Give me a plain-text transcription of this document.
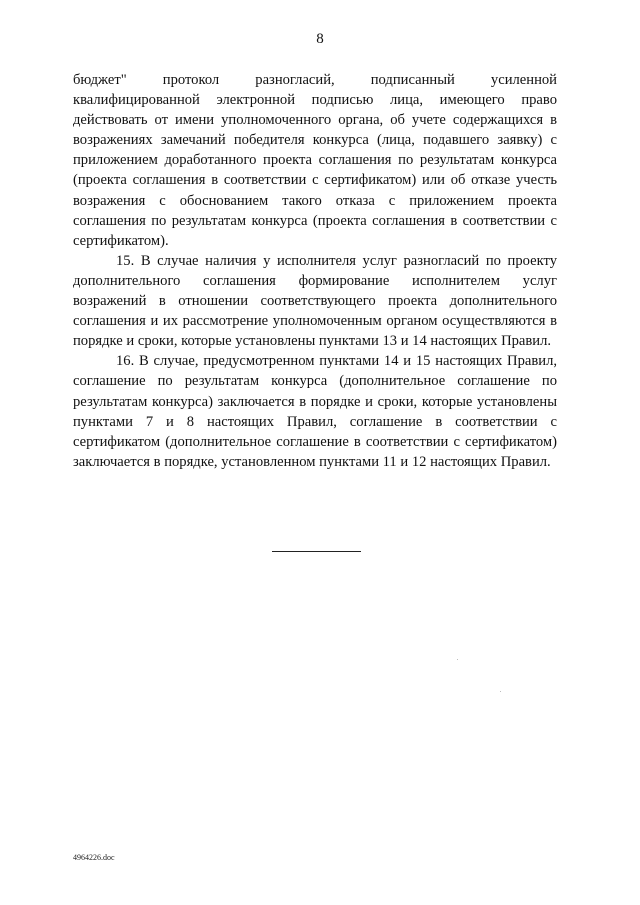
8

бюджет" протокол разногласий, подписанный усиленной квалифицированной электронной подписью лица, имеющего право действовать от имени уполномоченного органа, об учете содержащихся в возражениях замечаний победителя конкурса (лица, подавшего заявку) с приложением доработанного проекта соглашения по результатам конкурса (проекта соглашения в соответствии с сертификатом) или об отказе учесть возражения с обоснованием такого отказа с приложением проекта соглашения по результатам конкурса (проекта соглашения в соответствии с сертификатом).

15. В случае наличия у исполнителя услуг разногласий по проекту дополнительного соглашения формирование исполнителем услуг возражений в отношении соответствующего проекта дополнительного соглашения и их рассмотрение уполномоченным органом осуществляются в порядке и сроки, которые установлены пунктами 13 и 14 настоящих Правил.

16. В случае, предусмотренном пунктами 14 и 15 настоящих Правил, соглашение по результатам конкурса (дополнительное соглашение по результатам конкурса) заключается в порядке и сроки, которые установлены пунктами 7 и 8 настоящих Правил, соглашение в соответствии с сертификатом (дополнительное соглашение в соответствии с сертификатом) заключается в порядке, установленном пунктами 11 и 12 настоящих Правил.

4964226.doc
